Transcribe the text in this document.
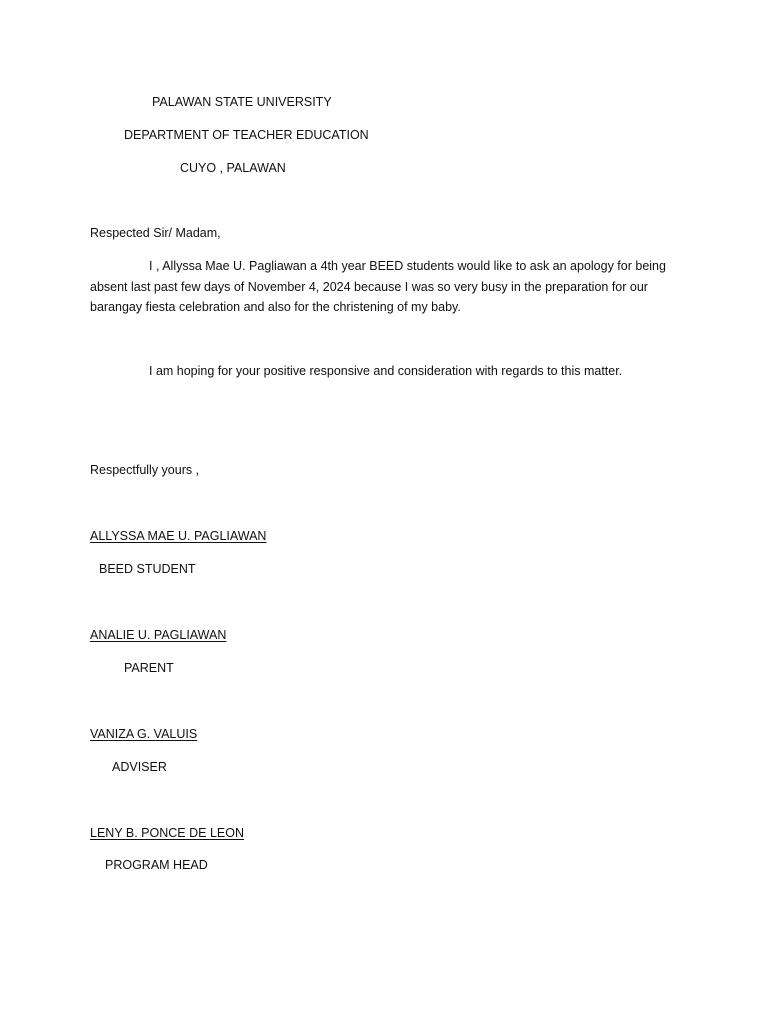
PALAWAN STATE UNIVERSITY
DEPARTMENT OF TEACHER EDUCATION
CUYO , PALAWAN
Respected Sir/ Madam,
I , Allyssa Mae U. Pagliawan a 4th year BEED students would like to ask an apology for being absent last past few days of November 4, 2024 because I was so very busy in the preparation for our barangay fiesta celebration and also for the christening of my baby.
I am hoping for your positive responsive and consideration with regards to this matter.
Respectfully yours ,
ALLYSSA MAE U. PAGLIAWAN
BEED STUDENT
ANALIE U. PAGLIAWAN
PARENT
VANIZA G. VALUIS
ADVISER
LENY B. PONCE DE LEON
PROGRAM HEAD
